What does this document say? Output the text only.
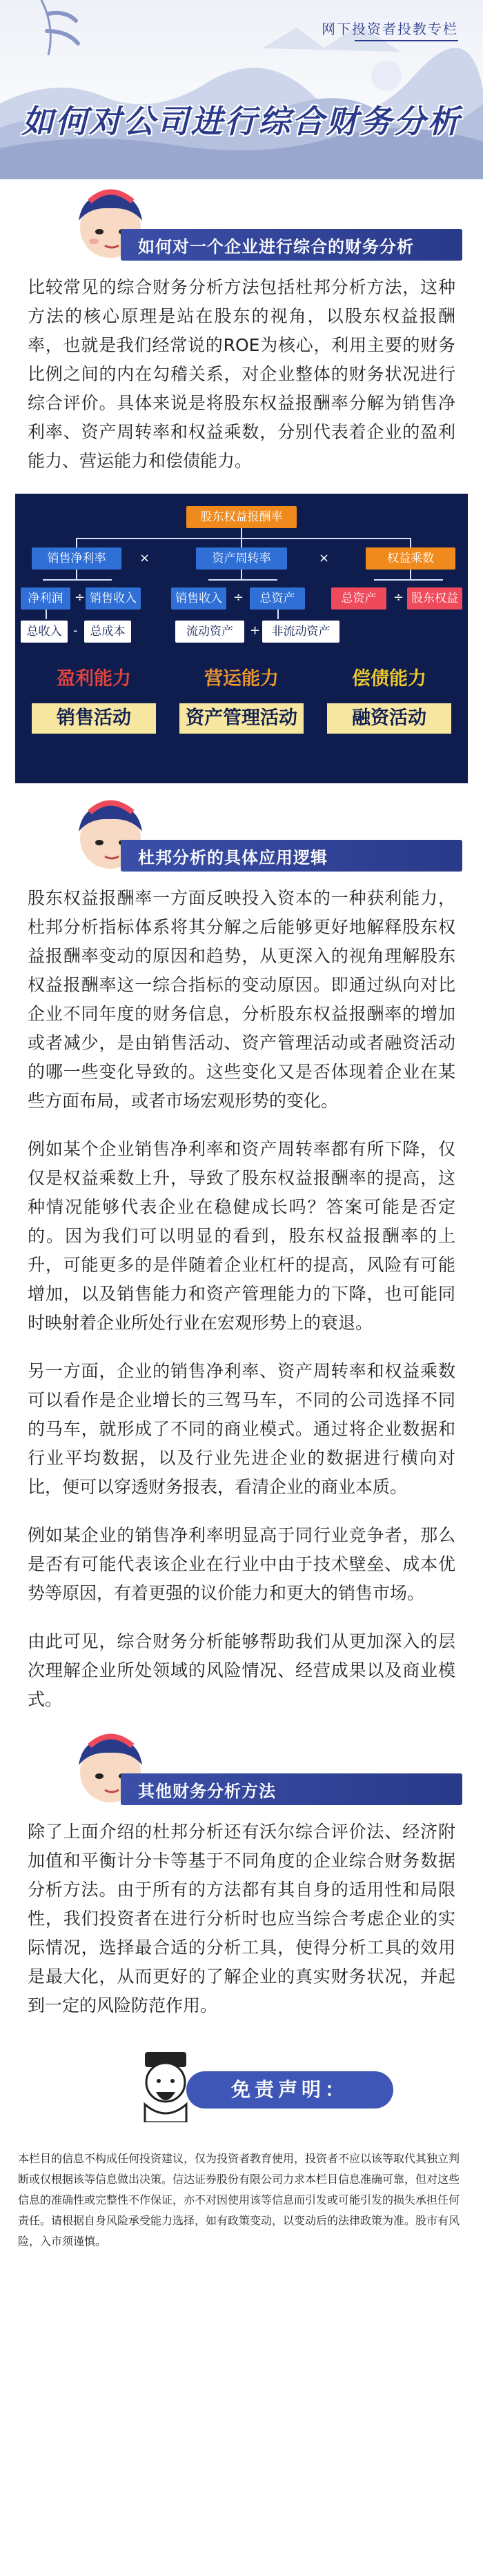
网下投资者投教专栏
如何对公司进行综合财务分析
如何对一个企业进行综合的财务分析

比较常见的综合财务分析方法包括杜邦分析方法，这种方法的核心原理是站在股东的视角，以股东权益报酬率，也就是我们经常说的ROE为核心，利用主要的财务比例之间的内在勾稽关系，对企业整体的财务状况进行综合评价。具体来说是将股东权益报酬率分解为销售净利率、资产周转率和权益乘数，分别代表着企业的盈利能力、营运能力和偿债能力。

股东权益报酬率
销售净利率	×	资产周转率	×	权益乘数
净利润 ÷ 销售收入	销售收入 ÷	总资产	总资产	÷ 股东权益
总收入 -	总成本	流动资产	+ 非流动资产
盈利能力	营运能力	偿债能力
销售活动	资产管理活动	融资活动
杜邦分析的具体应用逻辑

股东权益报酬率一方面反映投入资本的一种获利能力，杜邦分析指标体系将其分解之后能够更好地解释股东权益报酬率变动的原因和趋势，从更深入的视角理解股东权益报酬率这一综合指标的变动原因。即通过纵向对比企业不同年度的财务信息，分析股东权益报酬率的增加或者减少，是由销售活动、资产管理活动或者融资活动的哪一些变化导致的。这些变化又是否体现着企业在某些方面布局，或者市场宏观形势的变化。

例如某个企业销售净利率和资产周转率都有所下降，仅仅是权益乘数上升，导致了股东权益报酬率的提高，这种情况能够代表企业在稳健成长吗？答案可能是否定的。因为我们可以明显的看到，股东权益报酬率的上升，可能更多的是伴随着企业杠杆的提高，风险有可能增加，以及销售能力和资产管理能力的下降，也可能同时映射着企业所处行业在宏观形势上的衰退。

另一方面，企业的销售净利率、资产周转率和权益乘数可以看作是企业增长的三驾马车，不同的公司选择不同的马车，就形成了不同的商业模式。通过将企业数据和行业平均数据，以及行业先进企业的数据进行横向对比，便可以穿透财务报表，看清企业的商业本质。

例如某企业的销售净利率明显高于同行业竞争者，那么是否有可能代表该企业在行业中由于技术壁垒、成本优势等原因，有着更强的议价能力和更大的销售市场。

由此可见，综合财务分析能够帮助我们从更加深入的层次理解企业所处领域的风险情况、经营成果以及商业模式。

其他财务分析方法

除了上面介绍的杜邦分析还有沃尔综合评价法、经济附加值和平衡计分卡等基于不同角度的企业综合财务数据分析方法。由于所有的方法都有其自身的适用性和局限性，我们投资者在进行分析时也应当综合考虑企业的实际情况，选择最合适的分析工具，使得分析工具的效用是最大化，从而更好的了解企业的真实财务状况，并起到一定的风险防范作用。

免责声明：

本栏目的信息不构成任何投资建议，仅为投资者教育使用，投资者不应以该等取代其独立判断或仅根据该等信息做出决策。信达证券股份有限公司力求本栏目信息准确可靠，但对这些信息的准确性或完整性不作保证，亦不对因使用该等信息而引发或可能引发的损失承担任何责任。请根据自身风险承受能力选择，如有政策变动，以变动后的法律政策为准。股市有风险，入市须谨慎。
